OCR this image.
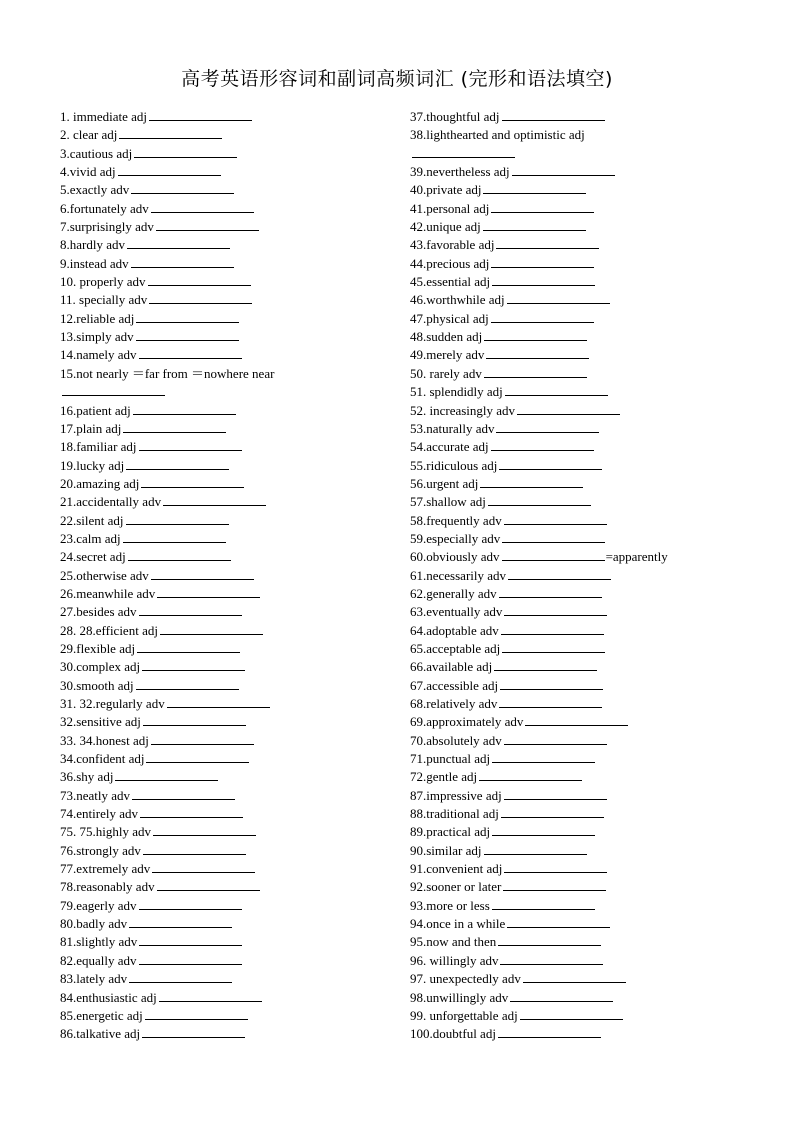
高考英语形容词和副词高频词汇 (完形和语法填空)
1. immediate adj
2. clear adj
3.cautious adj
4.vivid adj
5.exactly adv
6.fortunately adv
7.surprisingly adv
8.hardly adv
9.instead adv
10. properly adv
11. specially adv
12.reliable adj
13.simply adv
14.namely adv
15.not nearly ＝far from ＝nowhere near
16.patient adj
17.plain adj
18.familiar adj
19.lucky adj
20.amazing adj
21.accidentally adv
22.silent adj
23.calm adj
24.secret adj
25.otherwise adv
26.meanwhile adv
27.besides adv
28. 28.efficient adj
29.flexible adj
30.complex adj
30.smooth adj
31. 32.regularly adv
32.sensitive adj
33. 34.honest adj
34.confident adj
36.shy adj
73.neatly adv
74.entirely adv
75. 75.highly adv
76.strongly adv
77.extremely adv
78.reasonably adv
79.eagerly adv
80.badly adv
81.slightly adv
82.equally adv
83.lately adv
84.enthusiastic adj
85.energetic adj
86.talkative adj
37.thoughtful adj
38.lighthearted and optimistic adj
39.nevertheless adj
40.private adj
41.personal adj
42.unique adj
43.favorable adj
44.precious adj
45.essential adj
46.worthwhile adj
47.physical adj
48.sudden adj
49.merely adv
50. rarely adv
51. splendidly adj
52. increasingly adv
53.naturally adv
54.accurate adj
55.ridiculous adj
56.urgent adj
57.shallow adj
58.frequently adv
59.especially adv
60.obviously adv	=apparently
61.necessarily adv
62.generally adv
63.eventually adv
64.adoptable adv
65.acceptable adj
66.available adj
67.accessible adj
68.relatively adv
69.approximately adv
70.absolutely adv
71.punctual adj
72.gentle adj
87.impressive adj
88.traditional adj
89.practical adj
90.similar adj
91.convenient adj
92.sooner or later
93.more or less
94.once in a while
95.now and then
96. willingly adv
97. unexpectedly adv
98.unwillingly adv
99. unforgettable adj
100.doubtful adj
